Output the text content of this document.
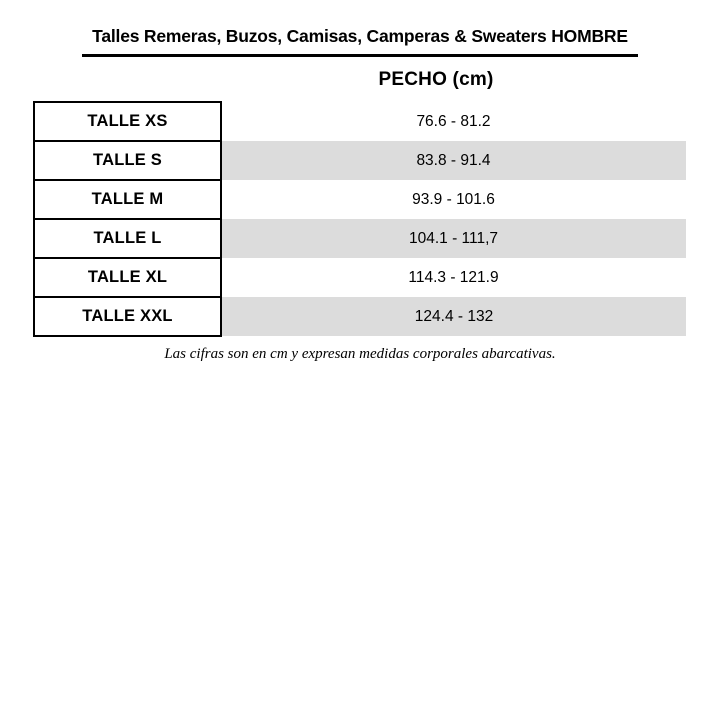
Talles Remeras, Buzos, Camisas, Camperas & Sweaters HOMBRE
PECHO (cm)
TALLE XS	76.6 - 81.2
TALLE S	83.8 - 91.4
TALLE M	93.9 - 101.6
TALLE L	104.1 - 111,7
TALLE XL	114.3 - 121.9
TALLE XXL	124.4 - 132
Las cifras son en cm y expresan medidas corporales abarcativas.
